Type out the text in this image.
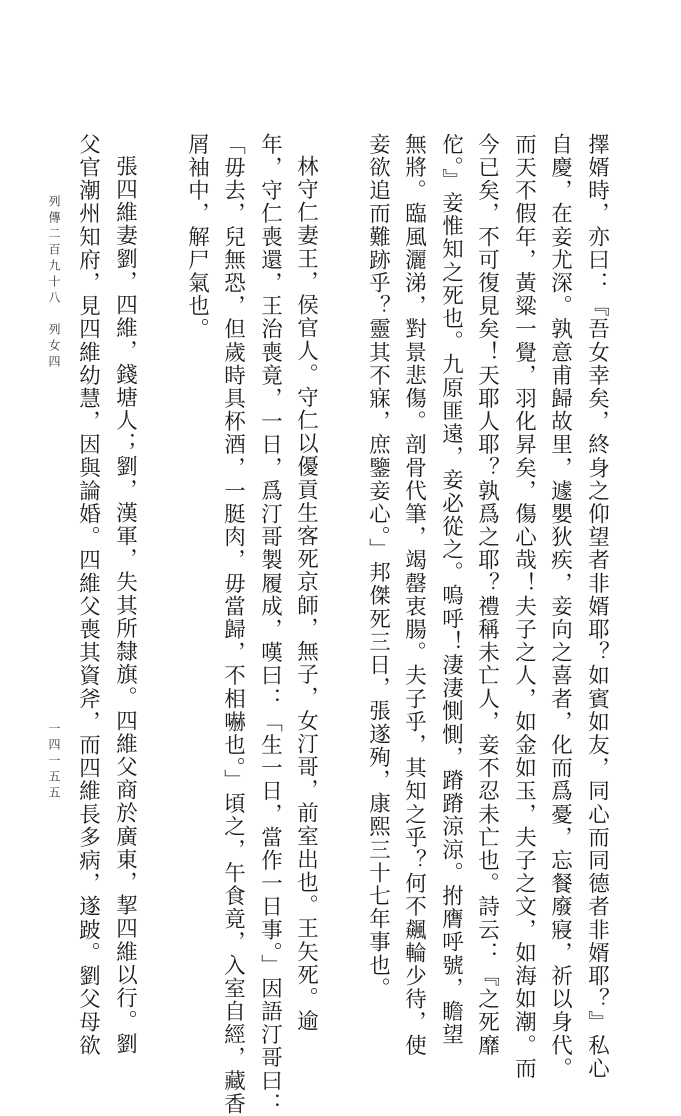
擇婿時，亦曰：『吾女幸矣，終身之仰望者非婿耶？如賓如友，同心而同德者非婿耶？』私心
自慶，在妾尤深。孰意甫歸故里，遽嬰狄疾，妾向之喜者，化而爲憂，忘餐廢寢，祈以身代。
而天不假年，黃粱一覺，羽化昇矣，傷心哉！夫子之人，如金如玉，夫子之文，如海如潮。而
今已矣，不可復見矣！天耶人耶？孰爲之耶？禮稱未亡人，妾不忍未亡也。詩云：『之死靡
佗。』妾惟知之死也。九原匪遠，妾必從之。嗚呼！淒淒惻惻，蹐蹐涼涼。拊膺呼號，瞻望
無將。臨風灑涕，對景悲傷。剖骨代筆，竭罄衷腸。夫子乎，其知之乎？何不飆輪少待，使
妾欲追而難跡乎？靈其不寐，庶鑒妾心。」邦傑死三日，張遂殉，康熙三十七年事也。
林守仁妻王，侯官人。守仁以優貢生客死京師，無子，女汀哥，前室出也。王矢死。逾
年，守仁喪還，王治喪竟，一日，爲汀哥製履成，嘆曰：「生一日，當作一日事。」因語汀哥曰：
「毋去，兒無恐，但歲時具杯酒，一脡肉，毋當歸，不相嚇也。」頃之，午食竟，入室自經，藏香
屑袖中，解尸氣也。
張四維妻劉，四維，錢塘人；劉，漢軍，失其所隸旗。四維父商於廣東，挈四維以行。劉
父官潮州知府，見四維幼慧，因與論婚。四維父喪其資斧，而四維長多病，遂跛。劉父母欲
列傳二百九十八　列女四
一四一五五
